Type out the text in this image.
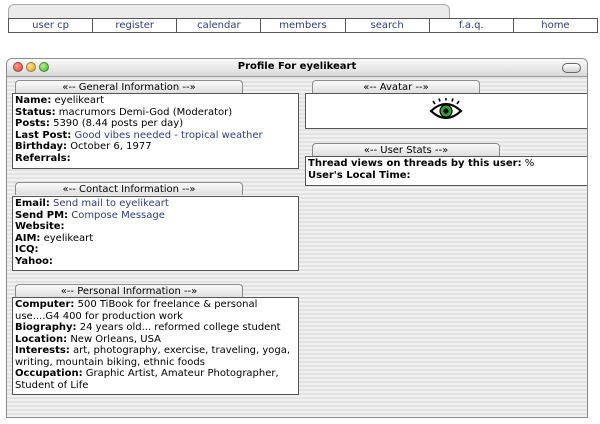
user cp	register	calendar	members	search	f.a.q.	home
Profile For eyelikeart
«-- General Information --»
Name: eyelikeart
Status: macrumors Demi-God (Moderator)
Posts: 5390 (8.44 posts per day)
Last Post: Good vibes needed - tropical weather
Birthday: October 6, 1977
Referrals:
«-- Contact Information --»
Email: Send mail to eyelikeart
Send PM: Compose Message
Website:
AIM: eyelikeart
ICQ:
Yahoo:
«-- Personal Information --»
Computer: 500 TiBook for freelance & personal use....G4 400 for production work
Biography: 24 years old... reformed college student
Location: New Orleans, USA
Interests: art, photography, exercise, traveling, yoga, writing, mountain biking, ethnic foods
Occupation: Graphic Artist, Amateur Photographer, Student of Life
«-- Avatar --»
«-- User Stats --»
Thread views on threads by this user: %
User's Local Time:
